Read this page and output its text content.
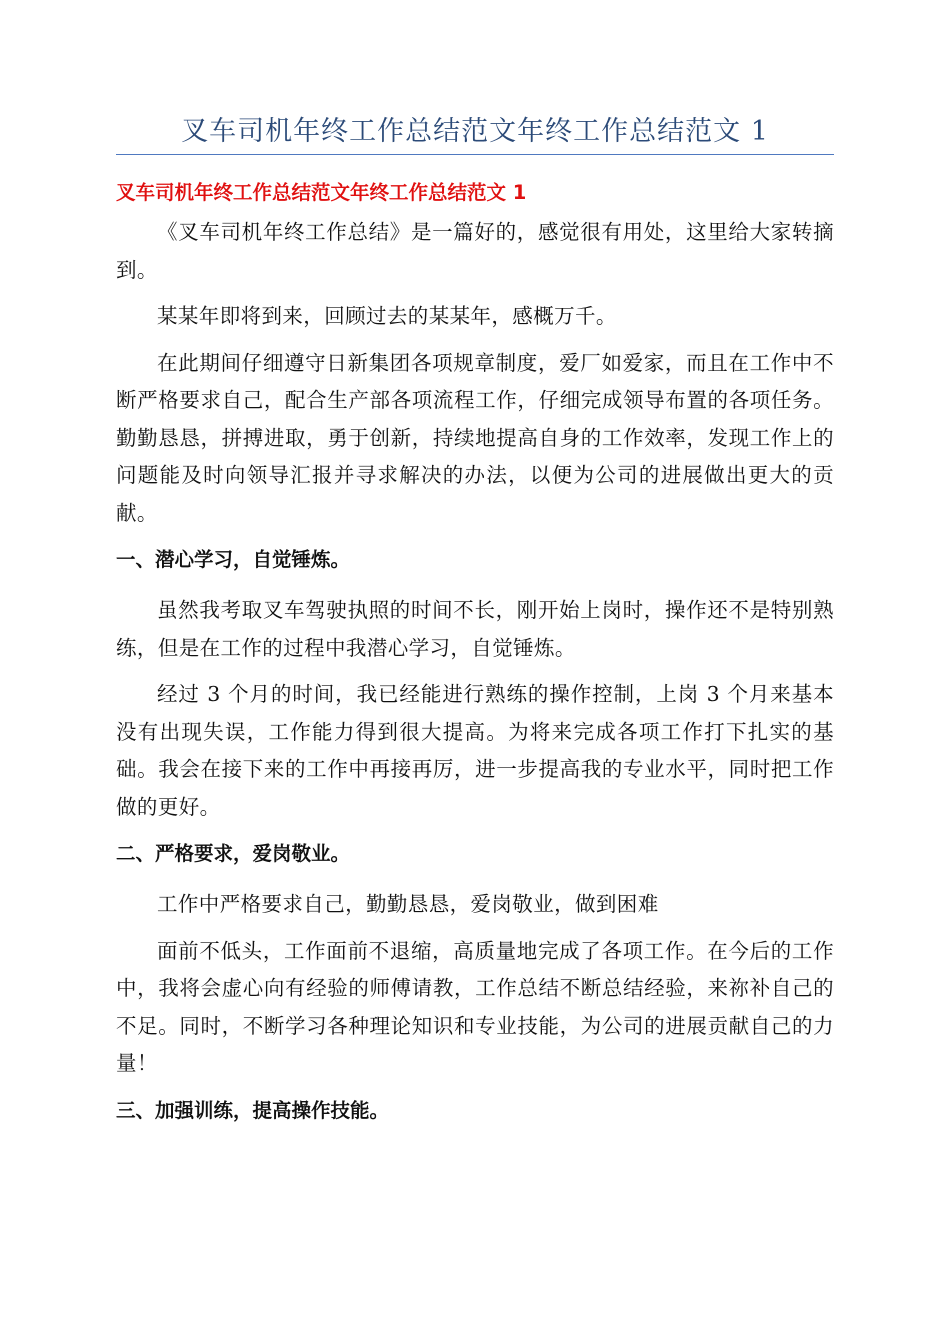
叉车司机年终工作总结范文年终工作总结范文 1
叉车司机年终工作总结范文年终工作总结范文 1

《叉车司机年终工作总结》是一篇好的，感觉很有用处，这里给大家转摘到。

某某年即将到来，回顾过去的某某年，感概万千。

在此期间仔细遵守日新集团各项规章制度，爱厂如爱家，而且在工作中不断严格要求自己，配合生产部各项流程工作，仔细完成领导布置的各项任务。勤勤恳恳，拼搏进取，勇于创新，持续地提高自身的工作效率，发现工作上的问题能及时向领导汇报并寻求解决的办法，以便为公司的进展做出更大的贡献。

一、潜心学习，自觉锤炼。

虽然我考取叉车驾驶执照的时间不长，刚开始上岗时，操作还不是特别熟练，但是在工作的过程中我潜心学习，自觉锤炼。

经过 3 个月的时间，我已经能进行熟练的操作控制，上岗 3 个月来基本没有出现失误，工作能力得到很大提高。为将来完成各项工作打下扎实的基础。我会在接下来的工作中再接再厉，进一步提高我的专业水平，同时把工作做的更好。

二、严格要求，爱岗敬业。

工作中严格要求自己，勤勤恳恳，爱岗敬业，做到困难

面前不低头，工作面前不退缩，高质量地完成了各项工作。在今后的工作中，我将会虚心向有经验的师傅请教，工作总结不断总结经验，来祢补自己的不足。同时，不断学习各种理论知识和专业技能，为公司的进展贡献自己的力量！

三、加强训练，提高操作技能。
